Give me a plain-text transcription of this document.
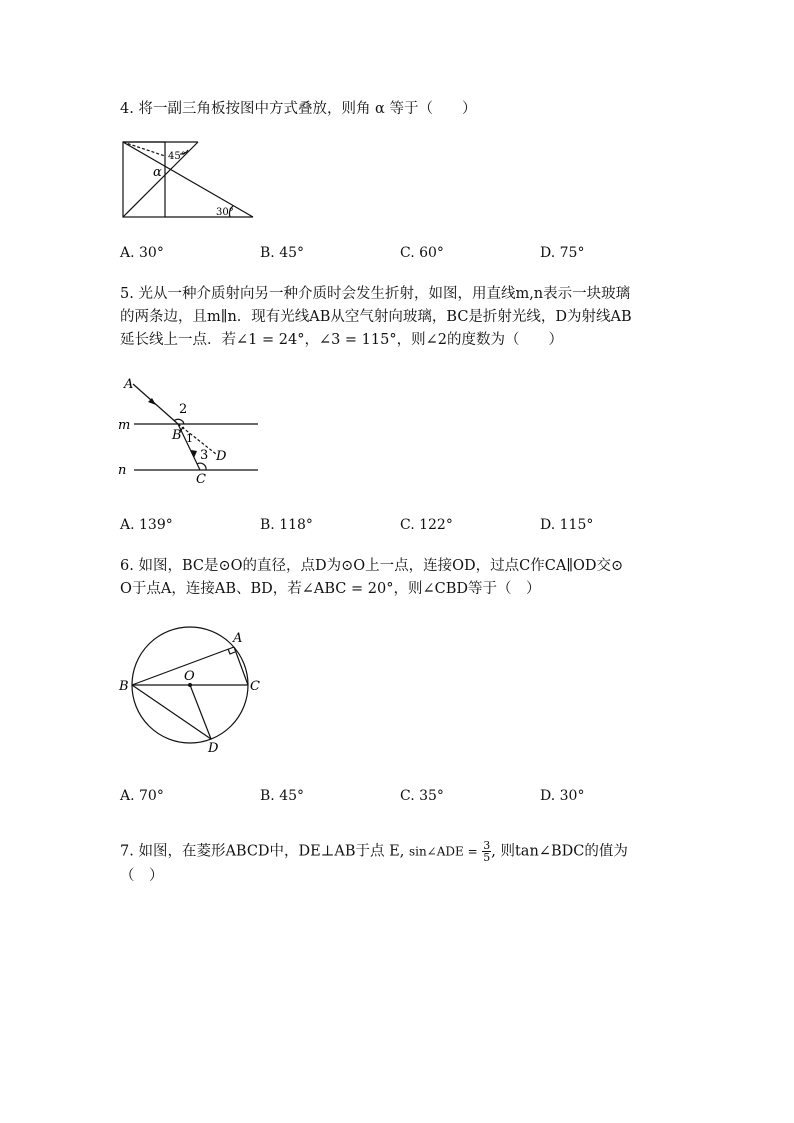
4. 将一副三角板按图中方式叠放，则角 α 等于（　　）
45°
α
30°
A. 30°	B. 45°	C. 60°	D. 75°
5. 光从一种介质射向另一种介质时会发生折射，如图，用直线m,n表示一块玻璃
的两条边，且m∥n．现有光线AB从空气射向玻璃，BC是折射光线，D为射线AB
延长线上一点．若∠1 = 24°，∠3 = 115°，则∠2的度数为（　　）
A
m
n
B
C
D
2
1
3
A. 139°	B. 118°	C. 122°	D. 115°
6. 如图，BC是⊙O的直径，点D为⊙O上一点，连接OD，过点C作CA∥OD交⊙
O于点A，连接AB、BD，若∠ABC = 20°，则∠CBD等于（　）
A
B	C
O
D
A. 70°	B. 45°	C. 35°	D. 30°
7. 如图，在菱形ABCD中，DE⊥AB于点 E, sin∠ADE = $\frac{3}{5}$ , 则tan∠BDC的值为
（　）
